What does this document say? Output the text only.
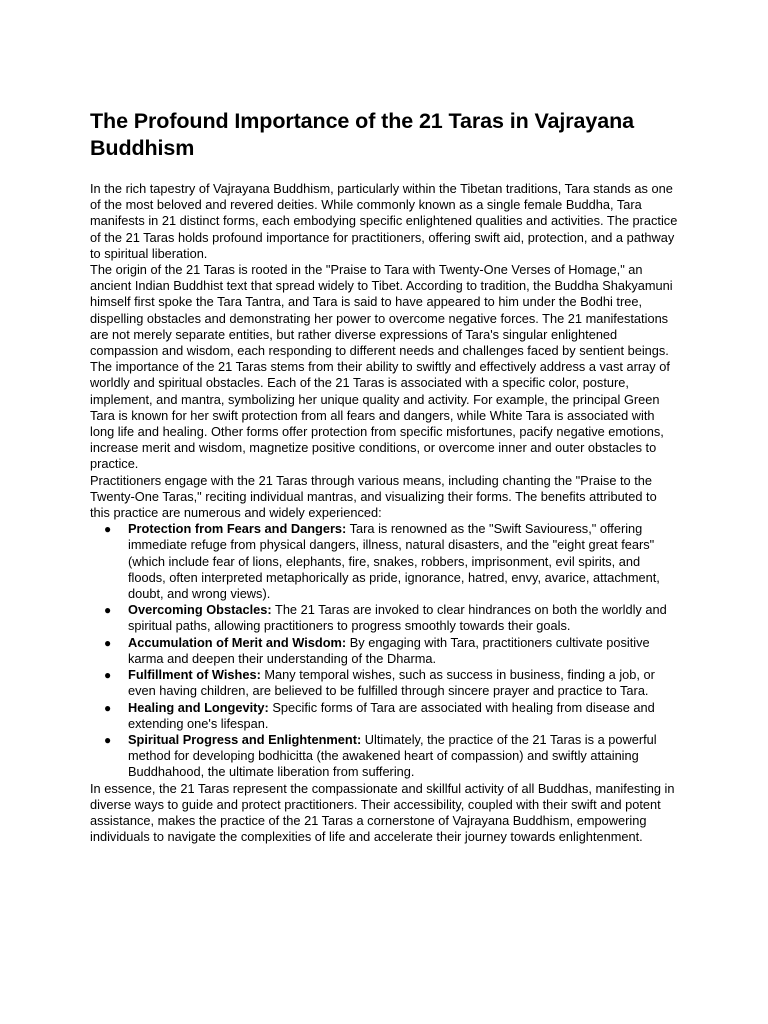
The Profound Importance of the 21 Taras in Vajrayana Buddhism

In the rich tapestry of Vajrayana Buddhism, particularly within the Tibetan traditions, Tara stands as one of the most beloved and revered deities. While commonly known as a single female Buddha, Tara manifests in 21 distinct forms, each embodying specific enlightened qualities and activities. The practice of the 21 Taras holds profound importance for practitioners, offering swift aid, protection, and a pathway to spiritual liberation.

The origin of the 21 Taras is rooted in the "Praise to Tara with Twenty-One Verses of Homage," an ancient Indian Buddhist text that spread widely to Tibet. According to tradition, the Buddha Shakyamuni himself first spoke the Tara Tantra, and Tara is said to have appeared to him under the Bodhi tree, dispelling obstacles and demonstrating her power to overcome negative forces. The 21 manifestations are not merely separate entities, but rather diverse expressions of Tara's singular enlightened compassion and wisdom, each responding to different needs and challenges faced by sentient beings.

The importance of the 21 Taras stems from their ability to swiftly and effectively address a vast array of worldly and spiritual obstacles. Each of the 21 Taras is associated with a specific color, posture, implement, and mantra, symbolizing her unique quality and activity. For example, the principal Green Tara is known for her swift protection from all fears and dangers, while White Tara is associated with long life and healing. Other forms offer protection from specific misfortunes, pacify negative emotions, increase merit and wisdom, magnetize positive conditions, or overcome inner and outer obstacles to practice.

Practitioners engage with the 21 Taras through various means, including chanting the "Praise to the Twenty-One Taras," reciting individual mantras, and visualizing their forms. The benefits attributed to this practice are numerous and widely experienced:

● Protection from Fears and Dangers: Tara is renowned as the "Swift Saviouress," offering immediate refuge from physical dangers, illness, natural disasters, and the "eight great fears" (which include fear of lions, elephants, fire, snakes, robbers, imprisonment, evil spirits, and floods, often interpreted metaphorically as pride, ignorance, hatred, envy, avarice, attachment, doubt, and wrong views).
● Overcoming Obstacles: The 21 Taras are invoked to clear hindrances on both the worldly and spiritual paths, allowing practitioners to progress smoothly towards their goals.
● Accumulation of Merit and Wisdom: By engaging with Tara, practitioners cultivate positive karma and deepen their understanding of the Dharma.
● Fulfillment of Wishes: Many temporal wishes, such as success in business, finding a job, or even having children, are believed to be fulfilled through sincere prayer and practice to Tara.
● Healing and Longevity: Specific forms of Tara are associated with healing from disease and extending one's lifespan.
● Spiritual Progress and Enlightenment: Ultimately, the practice of the 21 Taras is a powerful method for developing bodhicitta (the awakened heart of compassion) and swiftly attaining Buddhahood, the ultimate liberation from suffering.

In essence, the 21 Taras represent the compassionate and skillful activity of all Buddhas, manifesting in diverse ways to guide and protect practitioners. Their accessibility, coupled with their swift and potent assistance, makes the practice of the 21 Taras a cornerstone of Vajrayana Buddhism, empowering individuals to navigate the complexities of life and accelerate their journey towards enlightenment.
